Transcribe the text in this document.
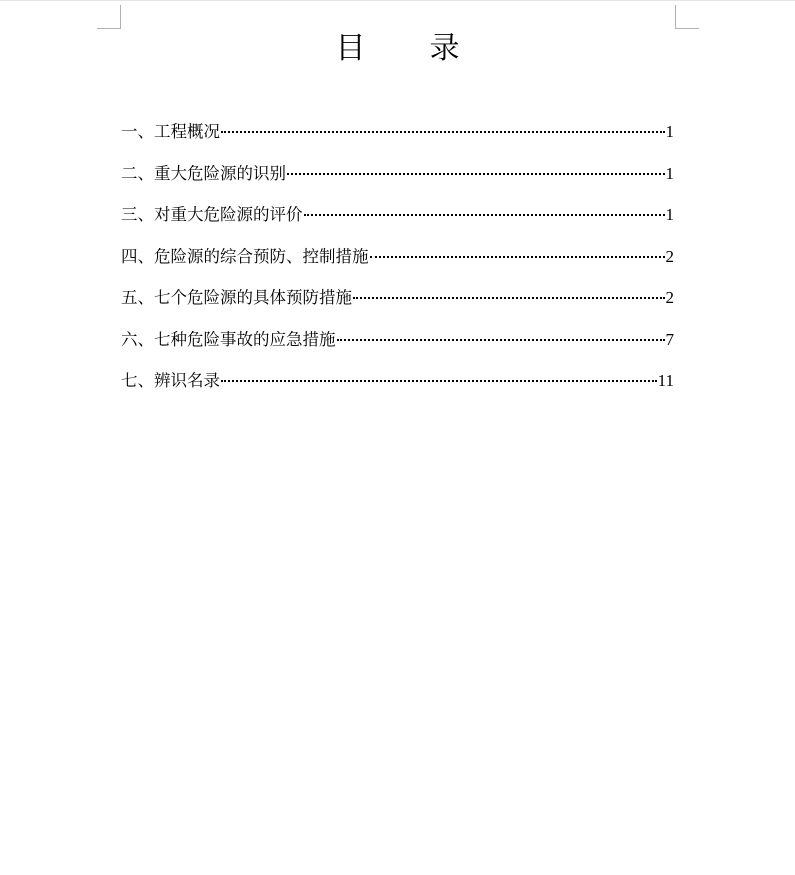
目 录
一、工程概况	1
二、重大危险源的识别	1
三、对重大危险源的评价	1
四、危险源的综合预防、控制措施	2
五、七个危险源的具体预防措施	2
六、七种危险事故的应急措施	7
七、辨识名录	11
